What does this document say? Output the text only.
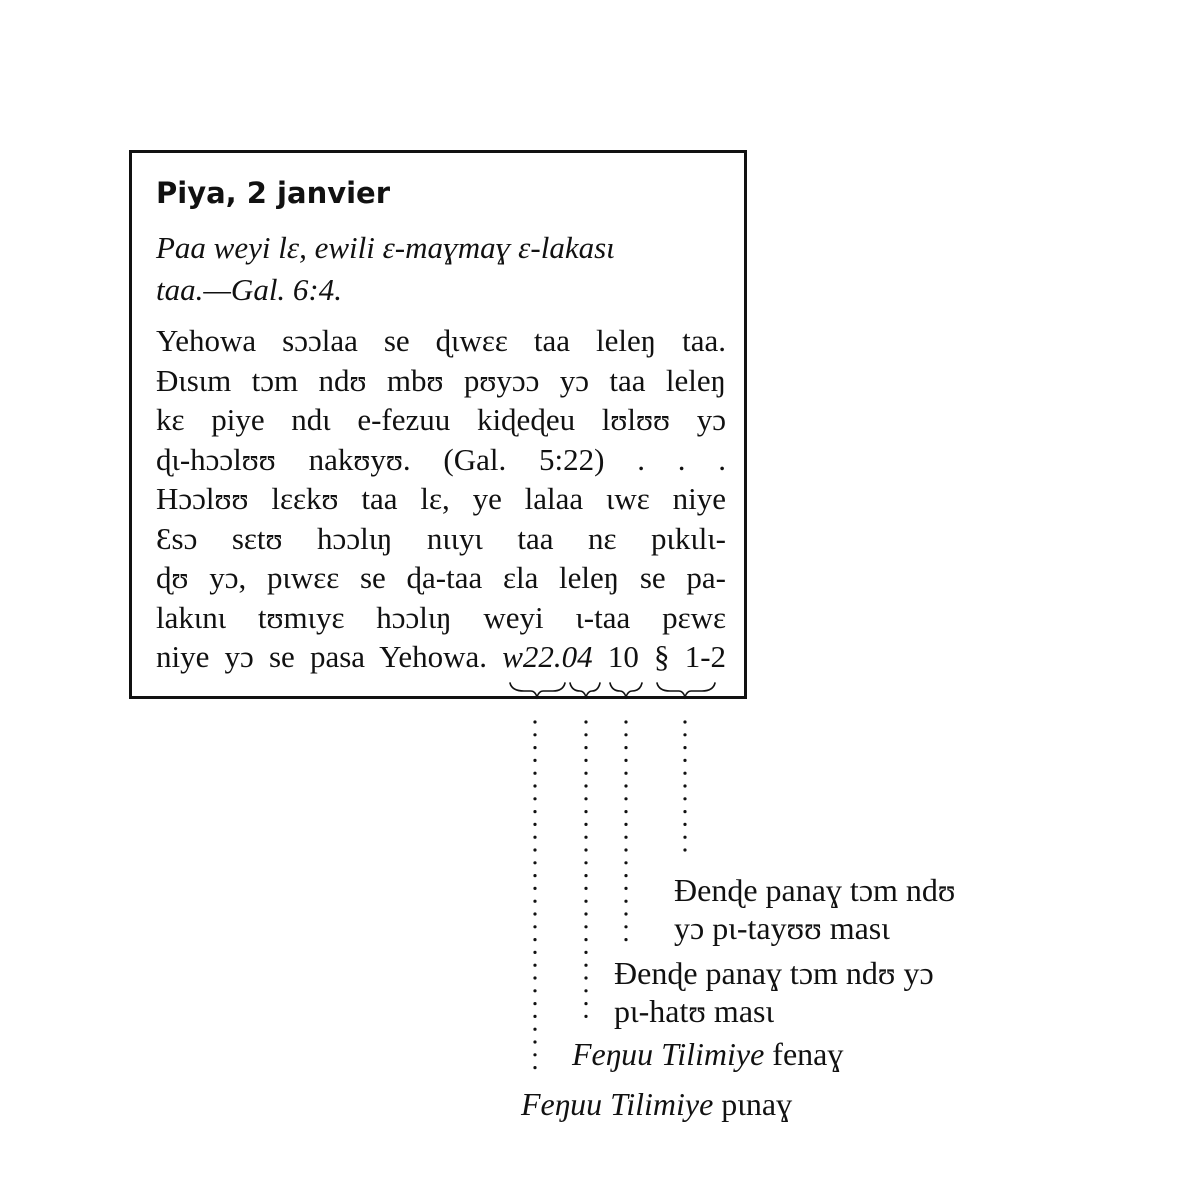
Piya, 2 janvier
Paa weyi lɛ, ewili ɛ-maɣmaɣ ɛ-lakasɩ
taa.—Gal. 6:4.
Yehowa sɔɔlaa se ɖɩwɛɛ taa leleŋ taa.
Ɖɩsɩm tɔm ndʊ mbʊ pʊyɔɔ yɔ taa leleŋ
kɛ piye ndɩ e-fezuu kiɖeɖeu lʊlʊʊ yɔ
ɖɩ-hɔɔlʊʊ nakʊyʊ. (Gal. 5:22) . . .
Hɔɔlʊʊ lɛɛkʊ taa lɛ, ye lalaa ɩwɛ niye
Ɛsɔ sɛtʊ hɔɔlɩŋ nɩɩyɩ taa nɛ pɩkɩlɩ-
ɖʊ yɔ, pɩwɛɛ se ɖa-taa ɛla leleŋ se pa-
lakɩnɩ tʊmɩyɛ hɔɔlɩŋ weyi ɩ-taa pɛwɛ
niye yɔ se pasa Yehowa. w22.04 10 § 1-2
Ɖenɖe panaɣ tɔm ndʊ
yɔ pɩ-tayʊʊ masɩ
Ɖenɖe panaɣ tɔm ndʊ yɔ
pɩ-hatʊ masɩ
Feŋuu Tilimiye fenaɣ
Feŋuu Tilimiye pɩnaɣ
